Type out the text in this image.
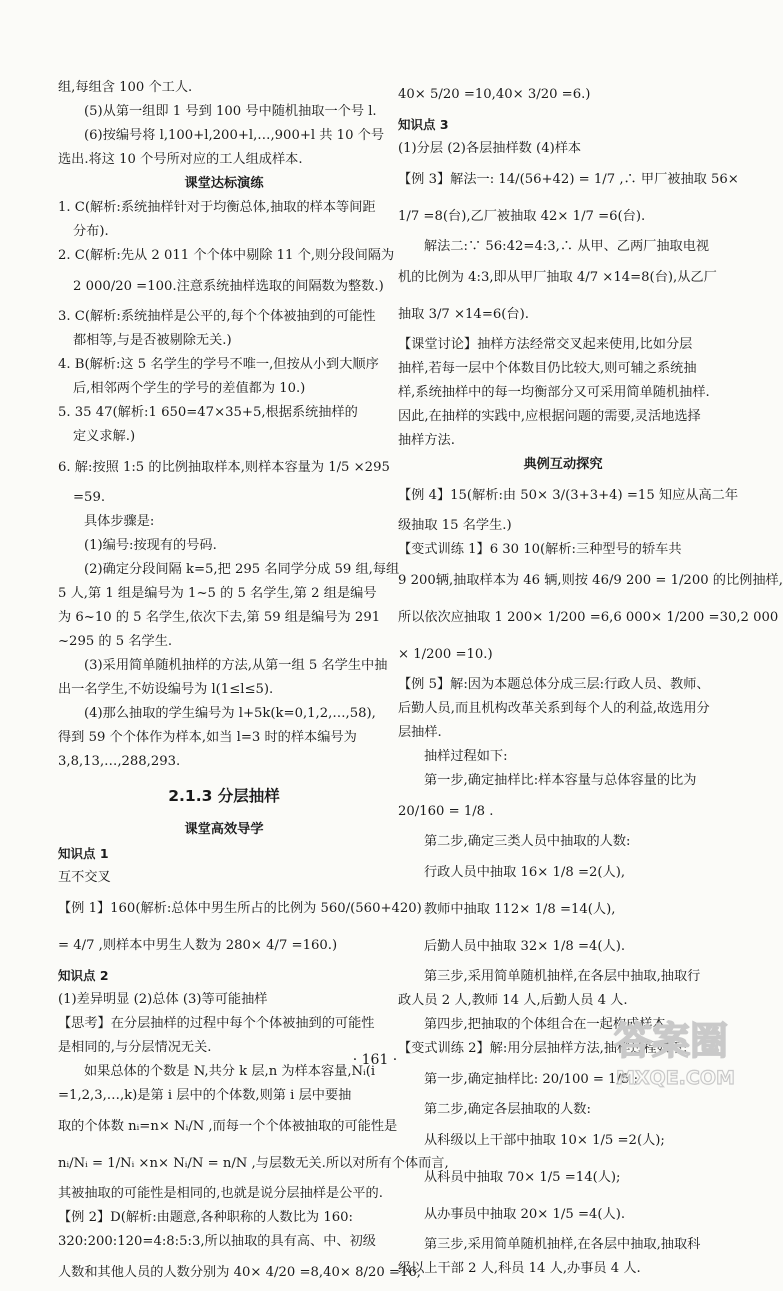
组,每组含 100 个工人.
(5)从第一组即 1 号到 100 号中随机抽取一个号 l.
(6)按编号将 l,100+l,200+l,…,900+l 共 10 个号
选出.将这 10 个号所对应的工人组成样本.
课堂达标演练
1. C(解析:系统抽样针对于均衡总体,抽取的样本等间距
分布).
2. C(解析:先从 2 011 个个体中剔除 11 个,则分段间隔为
2 000/20 =100.注意系统抽样选取的间隔数为整数.)
3. C(解析:系统抽样是公平的,每个个体被抽到的可能性
都相等,与是否被剔除无关.)
4. B(解析:这 5 名学生的学号不唯一,但按从小到大顺序
后,相邻两个学生的学号的差值都为 10.)
5. 35 47(解析:1 650=47×35+5,根据系统抽样的
定义求解.)
6. 解:按照 1:5 的比例抽取样本,则样本容量为 1/5 ×295
=59.
具体步骤是:
(1)编号:按现有的号码.
(2)确定分段间隔 k=5,把 295 名同学分成 59 组,每组
5 人,第 1 组是编号为 1~5 的 5 名学生,第 2 组是编号
为 6~10 的 5 名学生,依次下去,第 59 组是编号为 291
~295 的 5 名学生.
(3)采用简单随机抽样的方法,从第一组 5 名学生中抽
出一名学生,不妨设编号为 l(1≤l≤5).
(4)那么抽取的学生编号为 l+5k(k=0,1,2,…,58),
得到 59 个个体作为样本,如当 l=3 时的样本编号为
3,8,13,…,288,293.
2.1.3 分层抽样
课堂高效导学
知识点 1
互不交叉
【例 1】160(解析:总体中男生所占的比例为 560/(560+420)
= 4/7 ,则样本中男生人数为 280× 4/7 =160.)
知识点 2
(1)差异明显 (2)总体 (3)等可能抽样
【思考】在分层抽样的过程中每个个体被抽到的可能性
是相同的,与分层情况无关.
如果总体的个数是 N,共分 k 层,n 为样本容量,Nᵢ(i
=1,2,3,…,k)是第 i 层中的个体数,则第 i 层中要抽
取的个体数 nᵢ=n× Nᵢ/N ,而每一个个体被抽取的可能性是
nᵢ/Nᵢ = 1/Nᵢ ×n× Nᵢ/N = n/N ,与层数无关.所以对所有个体而言,
其被抽取的可能性是相同的,也就是说分层抽样是公平的.
【例 2】D(解析:由题意,各种职称的人数比为 160:
320:200:120=4:8:5:3,所以抽取的具有高、中、初级
人数和其他人员的人数分别为 40× 4/20 =8,40× 8/20 =16,
40× 5/20 =10,40× 3/20 =6.)
知识点 3
(1)分层 (2)各层抽样数 (4)样本
【例 3】解法一: 14/(56+42) = 1/7 ,∴ 甲厂被抽取 56×
1/7 =8(台),乙厂被抽取 42× 1/7 =6(台).
解法二:∵ 56:42=4:3,∴ 从甲、乙两厂抽取电视
机的比例为 4:3,即从甲厂抽取 4/7 ×14=8(台),从乙厂
抽取 3/7 ×14=6(台).
【课堂讨论】抽样方法经常交叉起来使用,比如分层
抽样,若每一层中个体数目仍比较大,则可辅之系统抽
样,系统抽样中的每一均衡部分又可采用简单随机抽样.
因此,在抽样的实践中,应根据问题的需要,灵活地选择
抽样方法.
典例互动探究
【例 4】15(解析:由 50× 3/(3+3+4) =15 知应从高二年
级抽取 15 名学生.)
【变式训练 1】6 30 10(解析:三种型号的轿车共
9 200辆,抽取样本为 46 辆,则按 46/9 200 = 1/200 的比例抽样,
所以依次应抽取 1 200× 1/200 =6,6 000× 1/200 =30,2 000
× 1/200 =10.)
【例 5】解:因为本题总体分成三层:行政人员、教师、
后勤人员,而且机构改革关系到每个人的利益,故选用分
层抽样.
抽样过程如下:
第一步,确定抽样比:样本容量与总体容量的比为
20/160 = 1/8 .
第二步,确定三类人员中抽取的人数:
行政人员中抽取 16× 1/8 =2(人),
教师中抽取 112× 1/8 =14(人),
后勤人员中抽取 32× 1/8 =4(人).
第三步,采用简单随机抽样,在各层中抽取,抽取行
政人员 2 人,教师 14 人,后勤人员 4 人.
第四步,把抽取的个体组合在一起构成样本.
【变式训练 2】解:用分层抽样方法,抽样过程如下:
第一步,确定抽样比: 20/100 = 1/5 ;
第二步,确定各层抽取的人数:
从科级以上干部中抽取 10× 1/5 =2(人);
从科员中抽取 70× 1/5 =14(人);
从办事员中抽取 20× 1/5 =4(人).
第三步,采用简单随机抽样,在各层中抽取,抽取科
级以上干部 2 人,科员 14 人,办事员 4 人.
· 161 ·	答案圈
MXQE.COM
